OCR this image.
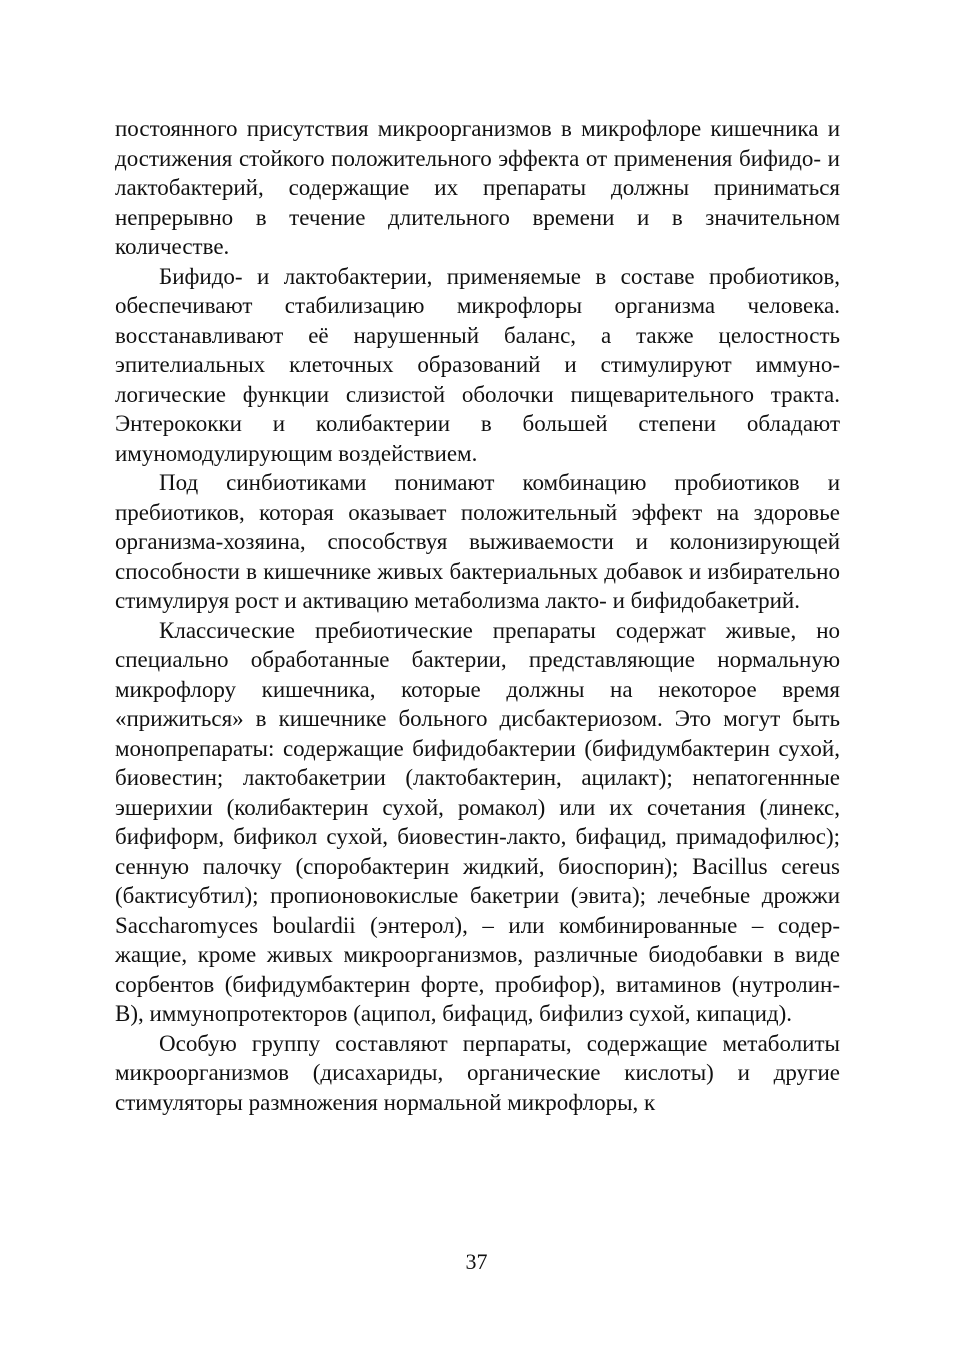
постоянного присутствия микроорганизмов в микрофлоре кишечника и достижения стойкого положительного эффекта от применения бифидо- и лактобактерий, содержащие их препараты должны приниматься непрерывно в течение длительного времени и в значительном количестве.

Бифидо- и лактобактерии, применяемые в составе пробиотиков, обеспечивают стабилизацию микрофлоры организма человека. восстанавливают её нарушенный баланс, а также целостность эпителиальных клеточных образований и стимулируют иммунологические функции слизистой оболочки пищеварительного тракта. Энтерококки и колибактерии в большей степени обладают имуномодулирующим воздействием.

Под синбиотиками понимают комбинацию пробиотиков и пребиотиков, которая оказывает положительный эффект на здоровье организма-хозяина, способствуя выживаемости и колонизирующей способности в кишечнике живых бактериальных добавок и избирательно стимулируя рост и активацию метаболизма лакто- и бифидобакетрий.

Классические пребиотические препараты содержат живые, но специально обработанные бактерии, представляющие нормальную микрофлору кишечника, которые должны на некоторое время «прижиться» в кишечнике больного дисбактериозом. Это могут быть монопрепараты: содержащие бифидобактерии (бифидумбактерин сухой, биовестин; лактобакетрии (лактобактерин, ацилакт); непатогеннные эшерихии (колибактерин сухой, ромакол) или их сочетания (линекс, бифиформ, бификол сухой, биовестин-лакто, бифацид, примадофилюс); сенную палочку (споробактерин жидкий, биоспорин); Bacillus cereus (бактисубтил); пропионовокислые бакетрии (эвита); лечебные дрожжи Saccharomyces boulardii (энтерол), – или комбинированные – содержащие, кроме живых микроорганизмов, различные биодобавки в виде сорбентов (бифидумбактерин форте, пробифор), витаминов (нутролин-В), иммунопротекторов (аципол, бифацид, бифилиз сухой, кипацид).

Особую группу составляют перпараты, содержащие метаболиты микроорганизмов (дисахариды, органические кислоты) и другие стимуляторы размножения нормальной микрофлоры, к

37
